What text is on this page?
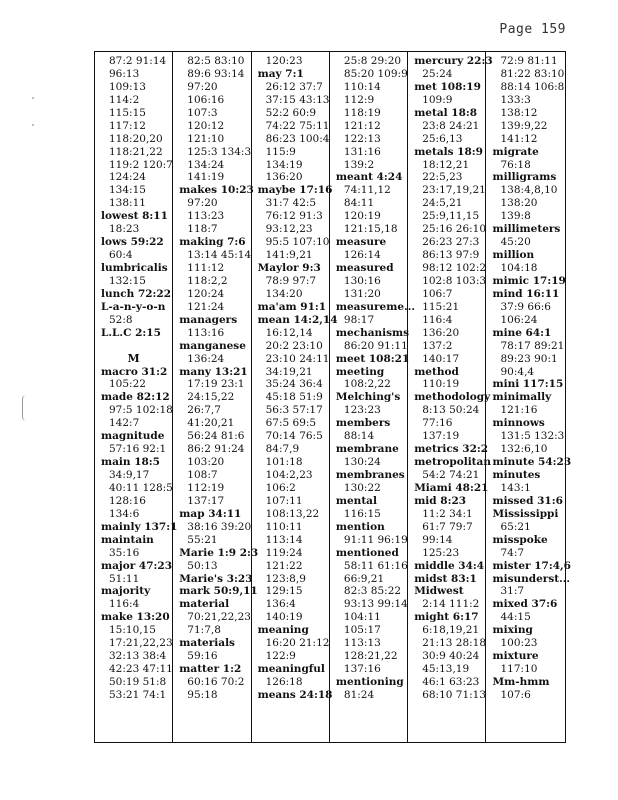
Page 159
87:2 91:14
96:13
109:13
114:2
115:15
117:12
118:20,20
118:21,22
119:2 120:7
124:24
134:15
138:11
lowest 8:11
18:23
lows 59:22
60:4
lumbricalis
132:15
lunch 72:22
L-a-n-y-o-n
52:8
L.L.C 2:15
M
macro 31:2
105:22
made 82:12
97:5 102:18
142:7
magnitude
57:16 92:1
main 18:5
34:9,17
40:11 128:5
128:16
134:6
mainly 137:1
maintain
35:16
major 47:23
51:11
majority
116:4
make 13:20
15:10,15
17:21,22,23
32:13 38:4
42:23 47:11
50:19 51:8
53:21 74:1
82:5 83:10
89:6 93:14
97:20
106:16
107:3
120:12
121:10
125:3 134:3
134:24
141:19
makes 10:23
97:20
113:23
118:7
making 7:6
13:14 45:14
111:12
118:2,2
120:24
121:24
managers
113:16
manganese
136:24
many 13:21
17:19 23:1
24:15,22
26:7,7
41:20,21
56:24 81:6
86:2 91:24
103:20
108:7
112:19
137:17
map 34:11
38:16 39:20
55:21
Marie 1:9 2:3
50:13
Marie's 3:23
mark 50:9,11
material
70:21,22,23
71:7,8
materials
59:16
matter 1:2
60:16 70:2
95:18
120:23
may 7:1
26:12 37:7
37:15 43:13
52:2 60:9
74:22 75:11
86:23 100:4
115:9
134:19
136:20
maybe 17:16
31:7 42:5
76:12 91:3
93:12,23
95:5 107:10
141:9,21
Maylor 9:3
78:9 97:7
134:20
ma'am 91:1
mean 14:2,14
16:12,14
20:2 23:10
23:10 24:11
34:19,21
35:24 36:4
45:18 51:9
56:3 57:17
67:5 69:5
70:14 76:5
84:7,9
101:18
104:2,23
106:2
107:11
108:13,22
110:11
113:14
119:24
121:22
123:8,9
129:15
136:4
140:19
meaning
16:20 21:12
122:9
meaningful
126:18
means 24:18
25:8 29:20
85:20 109:9
110:14
112:9
118:19
121:12
122:13
131:16
139:2
meant 4:24
74:11,12
84:11
120:19
121:15,18
measure
126:14
measured
130:16
131:20
measureme...
98:17
mechanisms
86:20 91:11
meet 108:21
meeting
108:2,22
Melching's
123:23
members
88:14
membrane
130:24
membranes
130:22
mental
116:15
mention
91:11 96:19
mentioned
58:11 61:16
66:9,21
82:3 85:22
93:13 99:14
104:11
105:17
113:13
128:21,22
137:16
mentioning
81:24
mercury 22:3
25:24
met 108:19
109:9
metal 18:8
23:8 24:21
25:6,13
metals 18:9
18:12,21
22:5,23
23:17,19,21
24:5,21
25:9,11,15
25:16 26:10
26:23 27:3
86:13 97:9
98:12 102:2
102:8 103:3
106:7
115:21
116:4
136:20
137:2
140:17
method
110:19
methodology
8:13 50:24
77:16
137:19
metrics 32:2
metropolitan
54:2 74:21
Miami 48:21
mid 8:23
11:2 34:1
61:7 79:7
99:14
125:23
middle 34:4
midst 83:1
Midwest
2:14 111:2
might 6:17
6:18,19,21
21:13 28:18
30:9 40:24
45:13,19
46:1 63:23
68:10 71:13
72:9 81:11
81:22 83:10
88:14 106:8
133:3
138:12
139:9,22
141:12
migrate
76:18
milligrams
138:4,8,10
138:20
139:8
millimeters
45:20
million
104:18
mimic 17:19
mind 16:11
37:9 66:6
106:24
mine 64:1
78:17 89:21
89:23 90:1
90:4,4
mini 117:15
minimally
121:16
minnows
131:5 132:3
132:6,10
minute 54:23
minutes
143:1
missed 31:6
Mississippi
65:21
misspoke
74:7
mister 17:4,6
misunderst...
31:7
mixed 37:6
44:15
mixing
100:23
mixture
117:10
Mm-hmm
107:6
